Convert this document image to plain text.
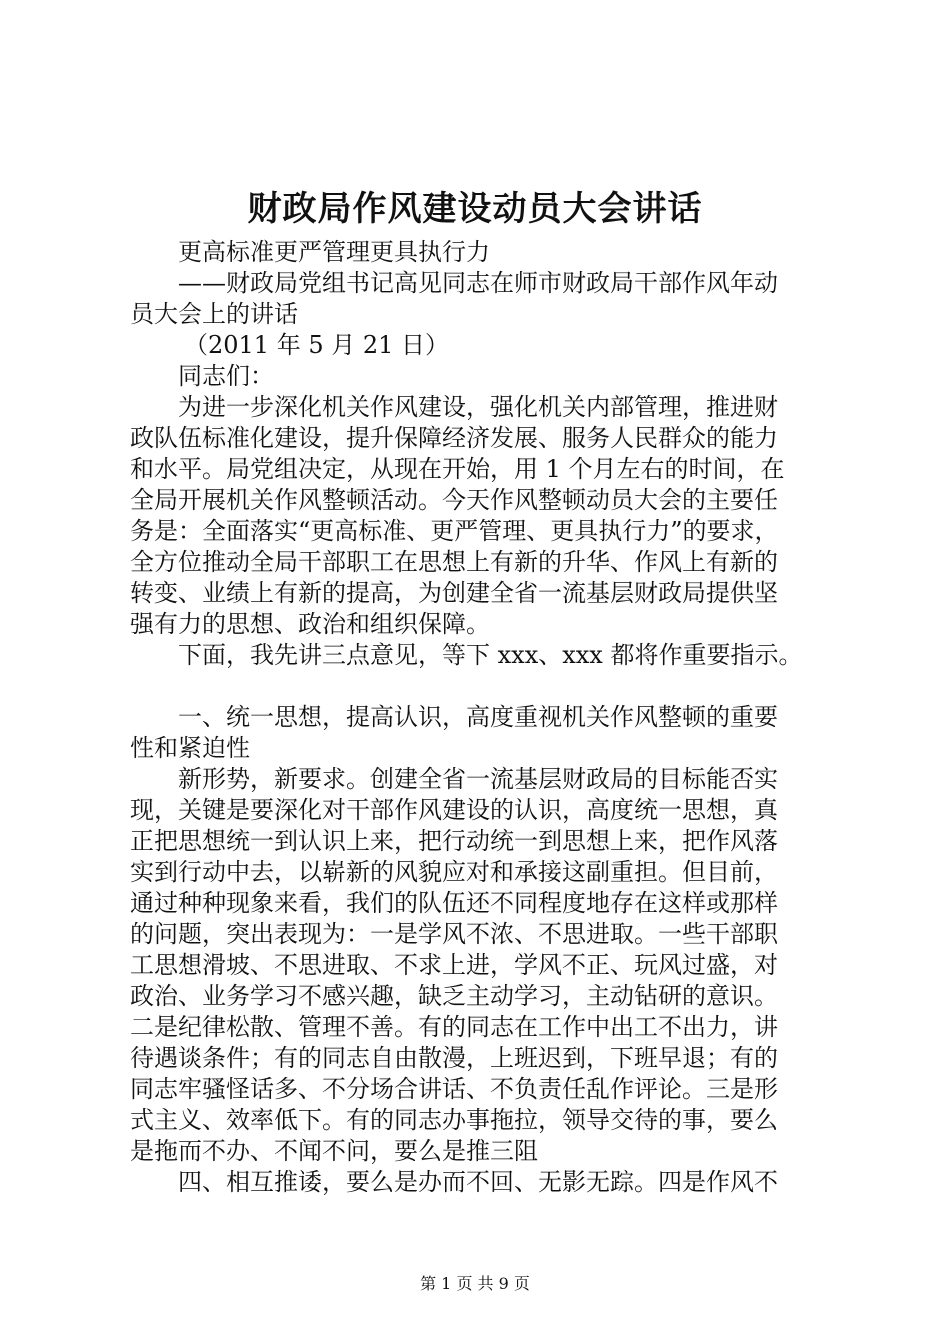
财政局作风建设动员大会讲话
更高标准更严管理更具执行力
——财政局党组书记高见同志在师市财政局干部作风年动
员大会上的讲话
（2011 年 5 月 21 日）
同志们：
为进一步深化机关作风建设，强化机关内部管理，推进财
政队伍标准化建设，提升保障经济发展、服务人民群众的能力
和水平。局党组决定，从现在开始，用 1 个月左右的时间，在
全局开展机关作风整顿活动。今天作风整顿动员大会的主要任
务是：全面落实“更高标准、更严管理、更具执行力”的要求，
全方位推动全局干部职工在思想上有新的升华、作风上有新的
转变、业绩上有新的提高，为创建全省一流基层财政局提供坚
强有力的思想、政治和组织保障。
下面，我先讲三点意见，等下 xxx、xxx 都将作重要指示。
一、统一思想，提高认识，高度重视机关作风整顿的重要
性和紧迫性
新形势，新要求。创建全省一流基层财政局的目标能否实
现，关键是要深化对干部作风建设的认识，高度统一思想，真
正把思想统一到认识上来，把行动统一到思想上来，把作风落
实到行动中去，以崭新的风貌应对和承接这副重担。但目前，
通过种种现象来看，我们的队伍还不同程度地存在这样或那样
的问题，突出表现为：一是学风不浓、不思进取。一些干部职
工思想滑坡、不思进取、不求上进，学风不正、玩风过盛，对
政治、业务学习不感兴趣，缺乏主动学习，主动钻研的意识。
二是纪律松散、管理不善。有的同志在工作中出工不出力，讲
待遇谈条件；有的同志自由散漫，上班迟到，下班早退；有的
同志牢骚怪话多、不分场合讲话、不负责任乱作评论。三是形
式主义、效率低下。有的同志办事拖拉，领导交待的事，要么
是拖而不办、不闻不问，要么是推三阻
四、相互推诿，要么是办而不回、无影无踪。四是作风不
第 1 页 共 9 页
